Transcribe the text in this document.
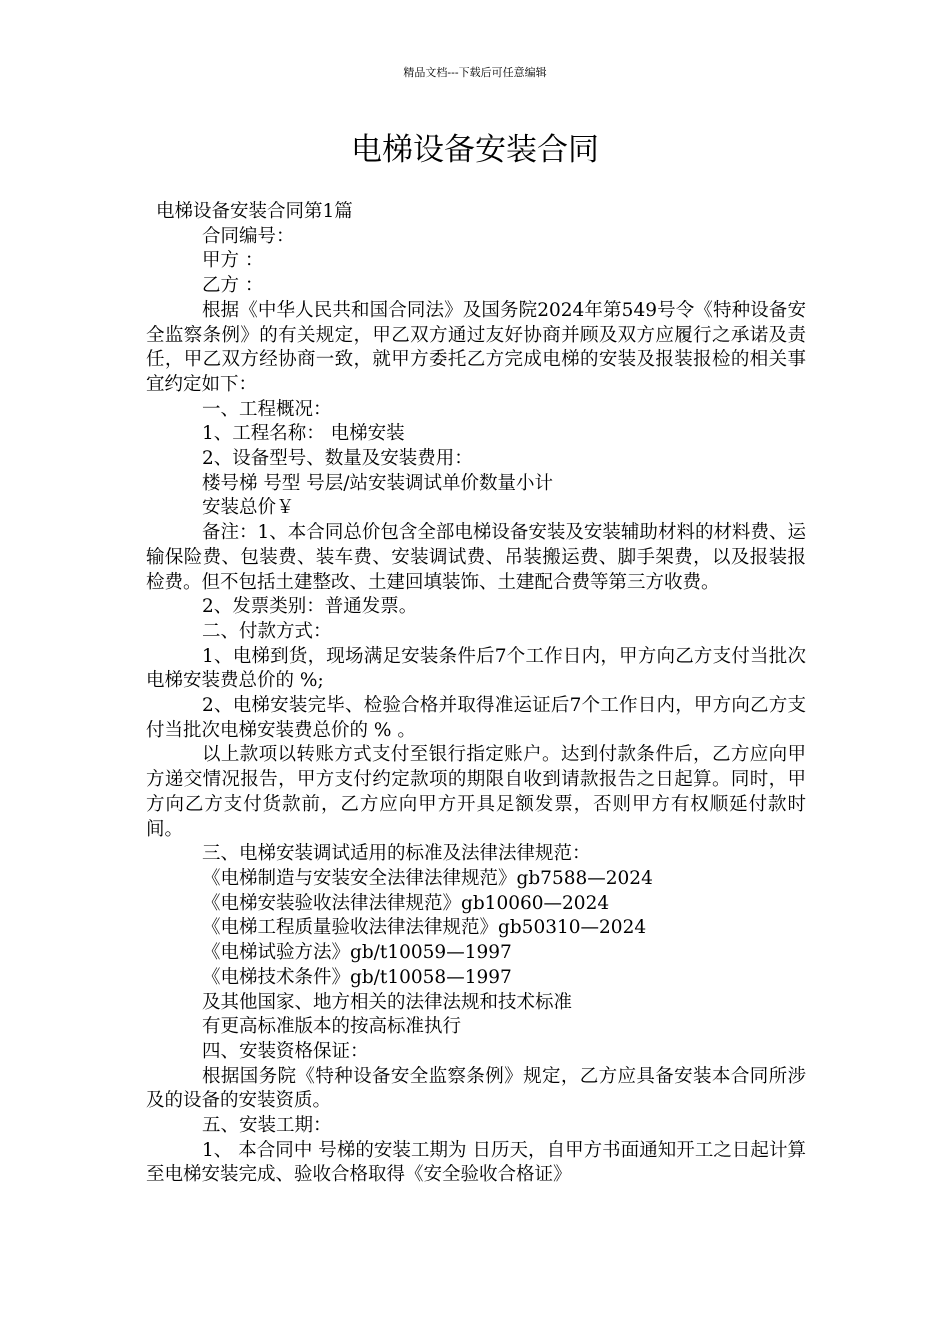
精品文档---下载后可任意编辑
电梯设备安装合同

电梯设备安装合同第1篇

合同编号：

甲方 ：

乙方 ：

根据《中华人民共和国合同法》及国务院2024年第549号令《特种设备安全监察条例》的有关规定，甲乙双方通过友好协商并顾及双方应履行之承诺及责任，甲乙双方经协商一致，就甲方委托乙方完成电梯的安装及报装报检的相关事宜约定如下：

一、工程概况：

1、工程名称： 电梯安装

2、设备型号、数量及安装费用：

楼号梯 号型 号层/站安装调试单价数量小计

安装总价￥

备注：1、本合同总价包含全部电梯设备安装及安装辅助材料的材料费、运输保险费、包装费、装车费、安装调试费、吊装搬运费、脚手架费，以及报装报检费。但不包括土建整改、土建回填装饰、土建配合费等第三方收费。

2、发票类别：普通发票。

二、付款方式：

1、电梯到货，现场满足安装条件后7个工作日内，甲方向乙方支付当批次电梯安装费总价的 %;

2、电梯安装完毕、检验合格并取得准运证后7个工作日内，甲方向乙方支付当批次电梯安装费总价的 % 。

以上款项以转账方式支付至银行指定账户。达到付款条件后，乙方应向甲方递交情况报告，甲方支付约定款项的期限自收到请款报告之日起算。同时，甲方向乙方支付货款前，乙方应向甲方开具足额发票，否则甲方有权顺延付款时间。

三、电梯安装调试适用的标准及法律法律规范：

《电梯制造与安装安全法律法律规范》gb7588—2024

《电梯安装验收法律法律规范》gb10060—2024

《电梯工程质量验收法律法律规范》gb50310—2024

《电梯试验方法》gb/t10059—1997

《电梯技术条件》gb/t10058—1997

及其他国家、地方相关的法律法规和技术标准

有更高标准版本的按高标准执行

四、安装资格保证：

根据国务院《特种设备安全监察条例》规定，乙方应具备安装本合同所涉及的设备的安装资质。

五、安装工期：

1、 本合同中 号梯的安装工期为 日历天，自甲方书面通知开工之日起计算至电梯安装完成、验收合格取得《安全验收合格证》
